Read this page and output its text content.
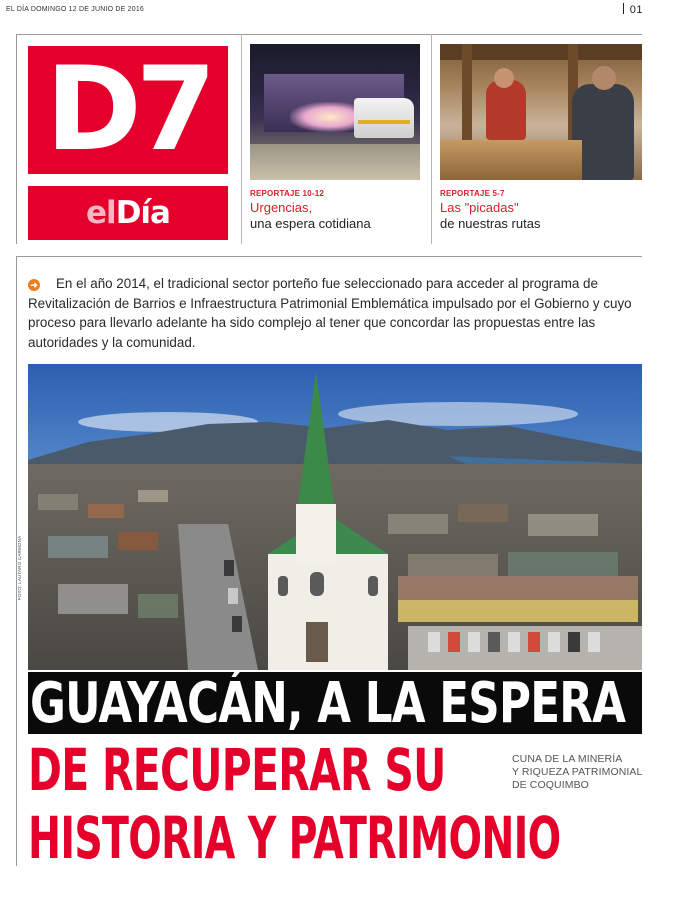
EL DÍA DOMINGO 12 DE JUNIO DE 2016	01
D7
elDía
REPORTAJE 10-12
Urgencias,
una espera cotidiana
REPORTAJE 5-7
Las "picadas"
de nuestras rutas
➜ En el año 2014, el tradicional sector porteño fue seleccionado para acceder al programa de Revitalización de Barrios e Infraestructura Patrimonial Emblemática impulsado por el Gobierno y cuyo proceso para llevarlo adelante ha sido complejo al tener que concordar las propuestas entre las autoridades y la comunidad.
FOTO: LAUTARO CARMONA
GUAYACÁN, A LA ESPERA
DE RECUPERAR SU
HISTORIA Y PATRIMONIO
CUNA DE LA MINERÍA
Y RIQUEZA PATRIMONIAL
DE COQUIMBO
